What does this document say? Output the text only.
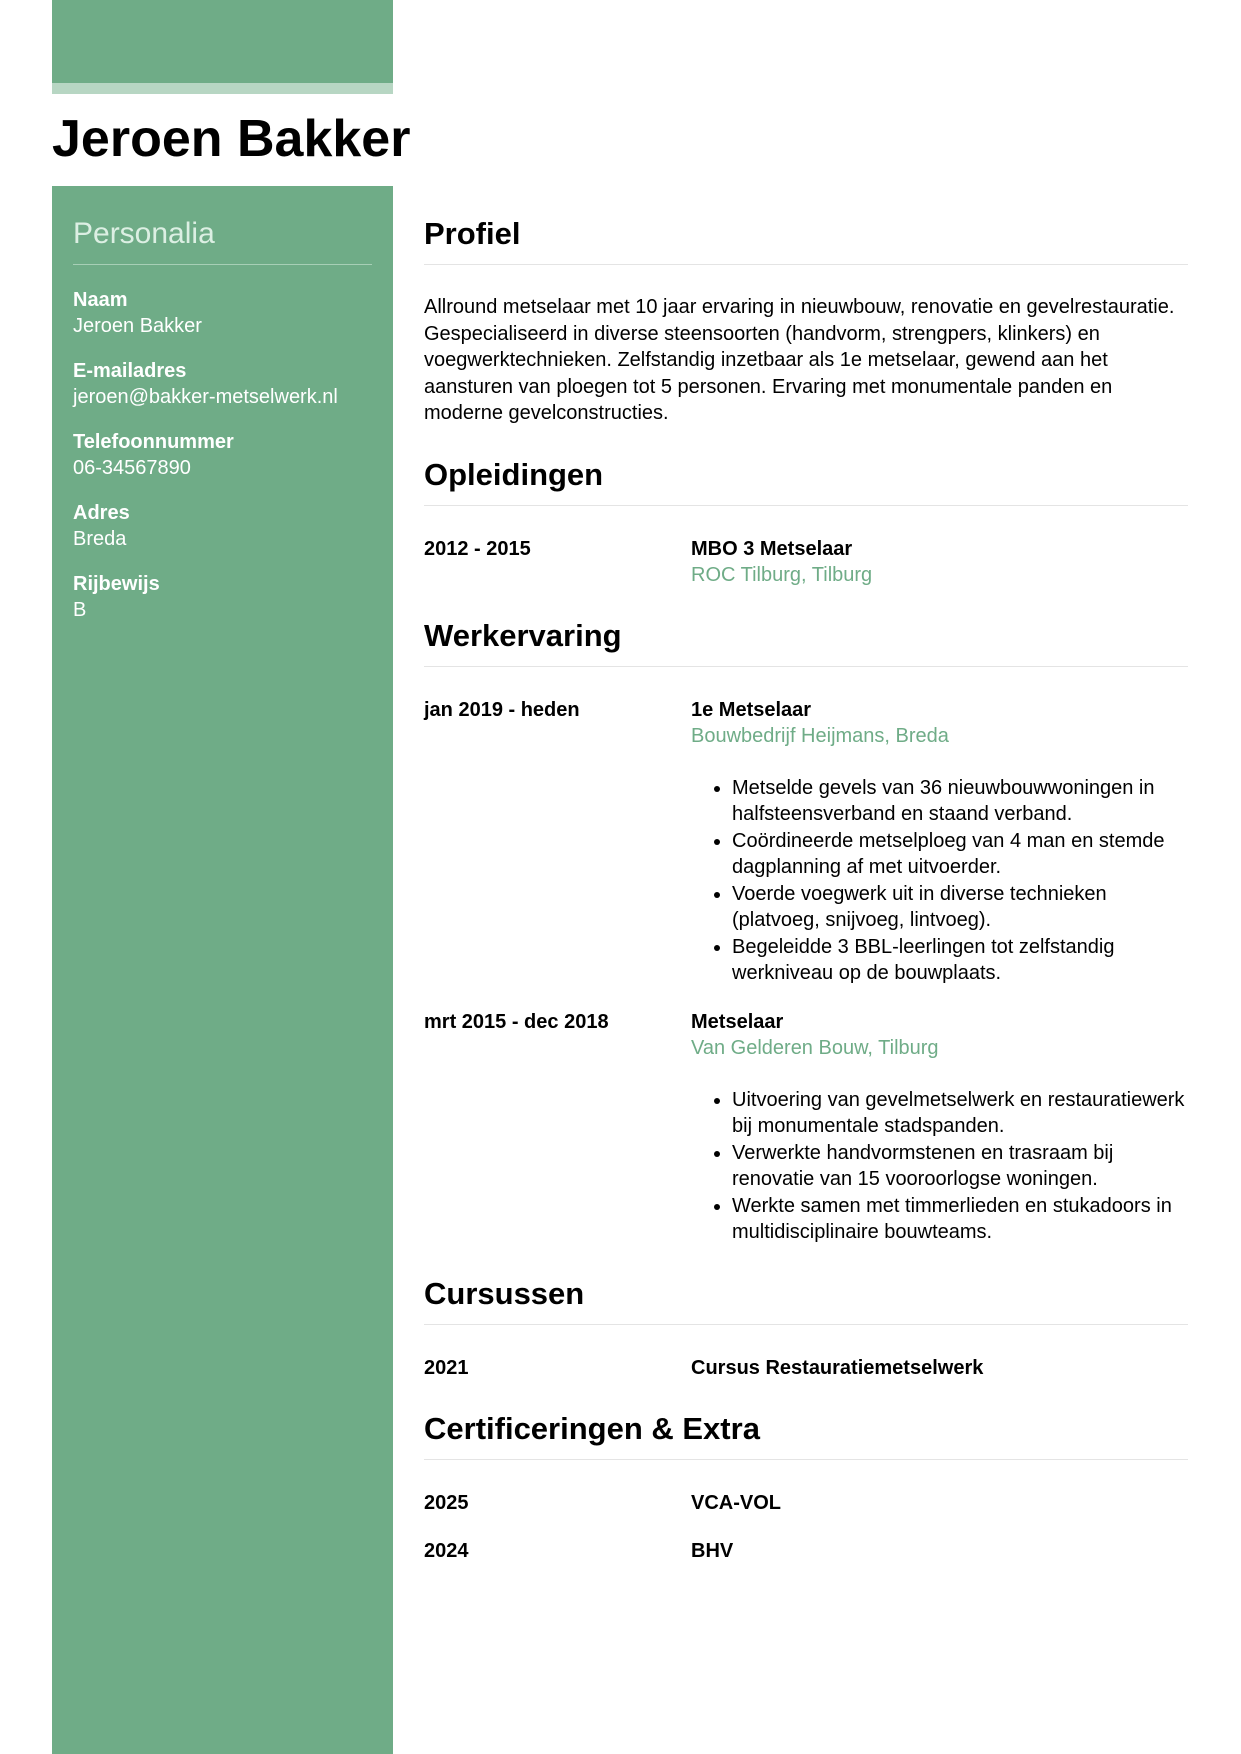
Jeroen Bakker
Personalia
Naam
Jeroen Bakker
E-mailadres
jeroen@bakker-metselwerk.nl
Telefoonnummer
06-34567890
Adres
Breda
Rijbewijs
B
Profiel

Allround metselaar met 10 jaar ervaring in nieuwbouw, renovatie en gevelrestauratie. Gespecialiseerd in diverse steensoorten (handvorm, strengpers, klinkers) en voegwerktechnieken. Zelfstandig inzetbaar als 1e metselaar, gewend aan het aansturen van ploegen tot 5 personen. Ervaring met monumentale panden en moderne gevelconstructies.

Opleidingen
2012 - 2015	MBO 3 Metselaar
ROC Tilburg, Tilburg
Werkervaring
jan 2019 - heden	1e Metselaar
Bouwbedrijf Heijmans, Breda
• Metselde gevels van 36 nieuwbouwwoningen in halfsteensverband en staand verband.
• Coördineerde metselploeg van 4 man en stemde dagplanning af met uitvoerder.
• Voerde voegwerk uit in diverse technieken (platvoeg, snijvoeg, lintvoeg).
• Begeleidde 3 BBL-leerlingen tot zelfstandig werkniveau op de bouwplaats.
mrt 2015 - dec 2018	Metselaar
Van Gelderen Bouw, Tilburg
• Uitvoering van gevelmetselwerk en restauratiewerk bij monumentale stadspanden.
• Verwerkte handvormstenen en trasraam bij renovatie van 15 vooroorlogse woningen.
• Werkte samen met timmerlieden en stukadoors in multidisciplinaire bouwteams.
Cursussen
2021	Cursus Restauratiemetselwerk
Certificeringen & Extra
2025	VCA-VOL
2024	BHV
